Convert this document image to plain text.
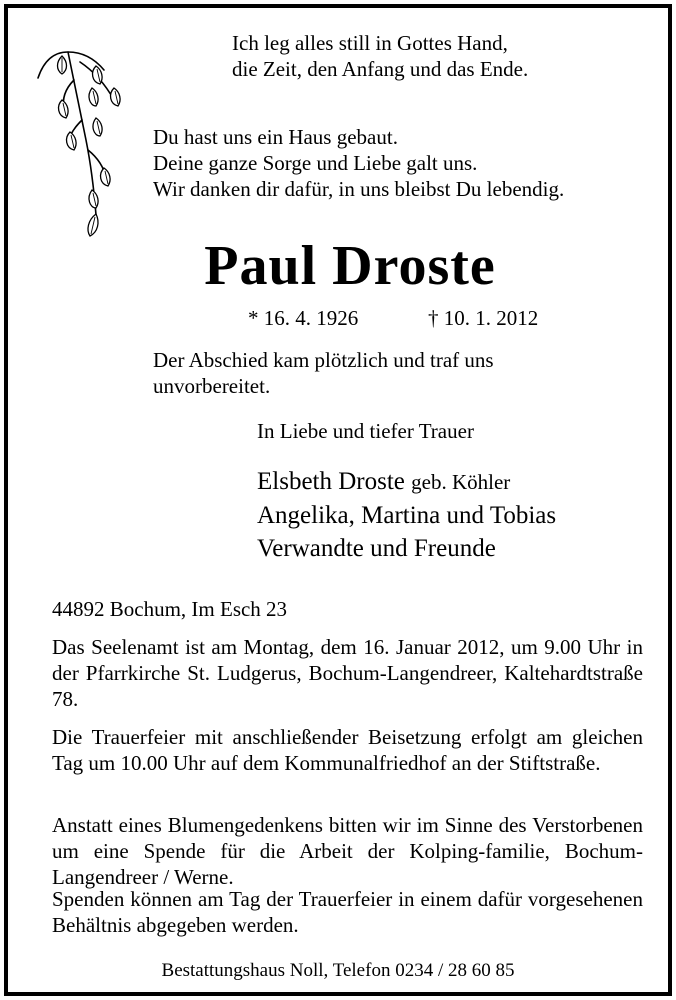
Ich leg alles still in Gottes Hand,
die Zeit, den Anfang und das Ende.
Du hast uns ein Haus gebaut.
Deine ganze Sorge und Liebe galt uns.
Wir danken dir dafür, in uns bleibst Du lebendig.
Paul Droste
* 16. 4. 1926	† 10. 1. 2012
Der Abschied kam plötzlich und traf uns
unvorbereitet.
In Liebe und tiefer Trauer
Elsbeth Droste geb. Köhler
Angelika, Martina und Tobias
Verwandte und Freunde
44892 Bochum, Im Esch 23
Das Seelenamt ist am Montag, dem 16. Januar 2012, um 9.00 Uhr in der Pfarrkirche St. Ludgerus, Bochum-Langendreer, Kaltehardtstraße 78.
Die Trauerfeier mit anschließender Beisetzung erfolgt am gleichen Tag um 10.00 Uhr auf dem Kommunalfriedhof an der Stiftstraße.
Anstatt eines Blumengedenkens bitten wir im Sinne des Verstorbenen um eine Spende für die Arbeit der Kolping-familie, Bochum-Langendreer / Werne.
Spenden können am Tag der Trauerfeier in einem dafür vorgesehenen Behältnis abgegeben werden.
Bestattungshaus Noll, Telefon 0234 / 28 60 85
